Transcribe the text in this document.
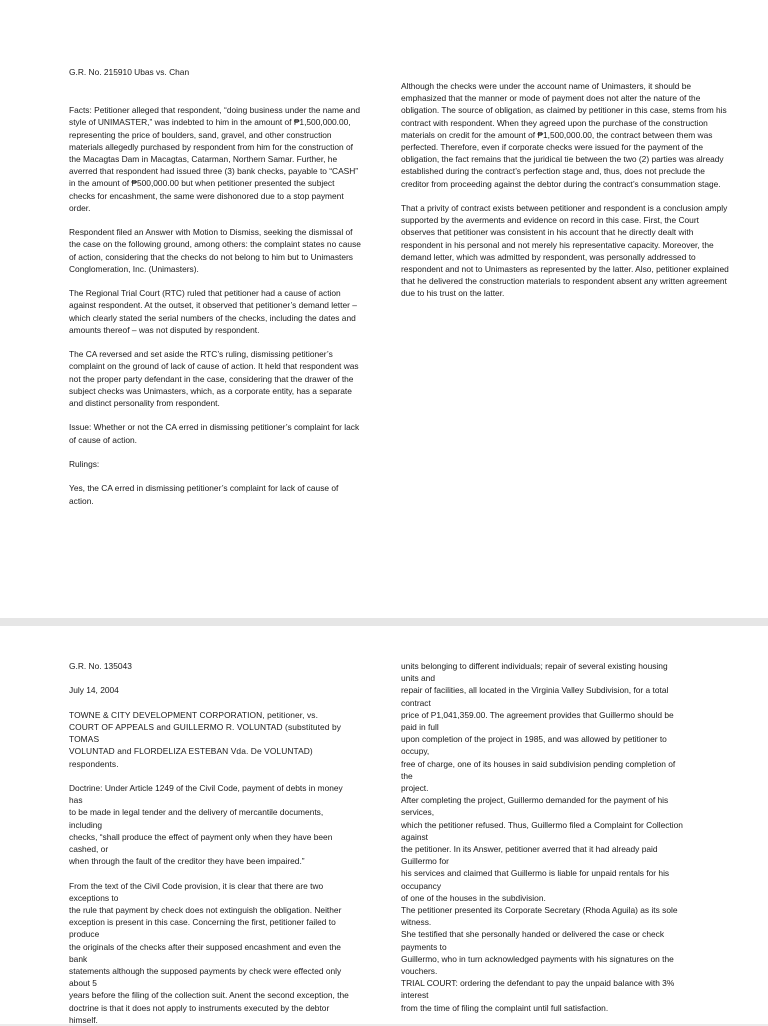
G.R. No. 215910 Ubas vs. Chan

Facts: Petitioner alleged that respondent, “doing business under the name and style of UNIMASTER,” was indebted to him in the amount of ₱1,500,000.00, representing the price of boulders, sand, gravel, and other construction materials allegedly purchased by respondent from him for the construction of the Macagtas Dam in Macagtas, Catarman, Northern Samar. Further, he averred that respondent had issued three (3) bank checks, payable to “CASH” in the amount of ₱500,000.00 but when petitioner presented the subject checks for encashment, the same were dishonored due to a stop payment order.

Respondent filed an Answer with Motion to Dismiss, seeking the dismissal of the case on the following ground, among others: the complaint states no cause of action, considering that the checks do not belong to him but to Unimasters Conglomeration, Inc. (Unimasters).

The Regional Trial Court (RTC) ruled that petitioner had a cause of action against respondent. At the outset, it observed that petitioner’s demand letter – which clearly stated the serial numbers of the checks, including the dates and amounts thereof – was not disputed by respondent.

The CA reversed and set aside the RTC’s ruling, dismissing petitioner’s complaint on the ground of lack of cause of action. It held that respondent was not the proper party defendant in the case, considering that the drawer of the subject checks was Unimasters, which, as a corporate entity, has a separate and distinct personality from respondent.

Issue: Whether or not the CA erred in dismissing petitioner’s complaint for lack of cause of action.

Rulings:

Yes, the CA erred in dismissing petitioner’s complaint for lack of cause of action.

Although the checks were under the account name of Unimasters, it should be emphasized that the manner or mode of payment does not alter the nature of the obligation. The source of obligation, as claimed by petitioner in this case, stems from his contract with respondent. When they agreed upon the purchase of the construction materials on credit for the amount of ₱1,500,000.00, the contract between them was perfected. Therefore, even if corporate checks were issued for the payment of the obligation, the fact remains that the juridical tie between the two (2) parties was already established during the contract’s perfection stage and, thus, does not preclude the creditor from proceeding against the debtor during the contract’s consummation stage.

That a privity of contract exists between petitioner and respondent is a conclusion amply supported by the averments and evidence on record in this case. First, the Court observes that petitioner was consistent in his account that he directly dealt with respondent in his personal and not merely his representative capacity. Moreover, the demand letter, which was admitted by respondent, was personally addressed to respondent and not to Unimasters as represented by the latter. Also, petitioner explained that he delivered the construction materials to respondent absent any written agreement due to his trust on the latter.

G.R. No. 135043

July 14, 2004

TOWNE & CITY DEVELOPMENT CORPORATION, petitioner, vs.
COURT OF APPEALS and GUILLERMO R. VOLUNTAD (substituted by
TOMAS
VOLUNTAD and FLORDELIZA ESTEBAN Vda. De VOLUNTAD)
respondents.

Doctrine: Under Article 1249 of the Civil Code, payment of debts in money
has
to be made in legal tender and the delivery of mercantile documents,
including
checks, “shall produce the effect of payment only when they have been
cashed, or
when through the fault of the creditor they have been impaired.”

From the text of the Civil Code provision, it is clear that there are two
exceptions to
the rule that payment by check does not extinguish the obligation. Neither
exception is present in this case. Concerning the first, petitioner failed to
produce
the originals of the checks after their supposed encashment and even the
bank
statements although the supposed payments by check were effected only
about 5
years before the filing of the collection suit. Anent the second exception, the
doctrine is that it does not apply to instruments executed by the debtor
himself.

units belonging to different individuals; repair of several existing housing
units and
repair of facilities, all located in the Virginia Valley Subdivision, for a total
contract
price of P1,041,359.00. The agreement provides that Guillermo should be
paid in full
upon completion of the project in 1985, and was allowed by petitioner to
occupy,
free of charge, one of its houses in said subdivision pending completion of
the
project.
After completing the project, Guillermo demanded for the payment of his
services,
which the petitioner refused. Thus, Guillermo filed a Complaint for Collection
against
the petitioner. In its Answer, petitioner averred that it had already paid
Guillermo for
his services and claimed that Guillermo is liable for unpaid rentals for his
occupancy
of one of the houses in the subdivision.
The petitioner presented its Corporate Secretary (Rhoda Aguila) as its sole
witness.
She testified that she personally handed or delivered the case or check
payments to
Guillermo, who in turn acknowledged payments with his signatures on the
vouchers.
TRIAL COURT: ordering the defendant to pay the unpaid balance with 3%
interest
from the time of filing the complaint until full satisfaction.
